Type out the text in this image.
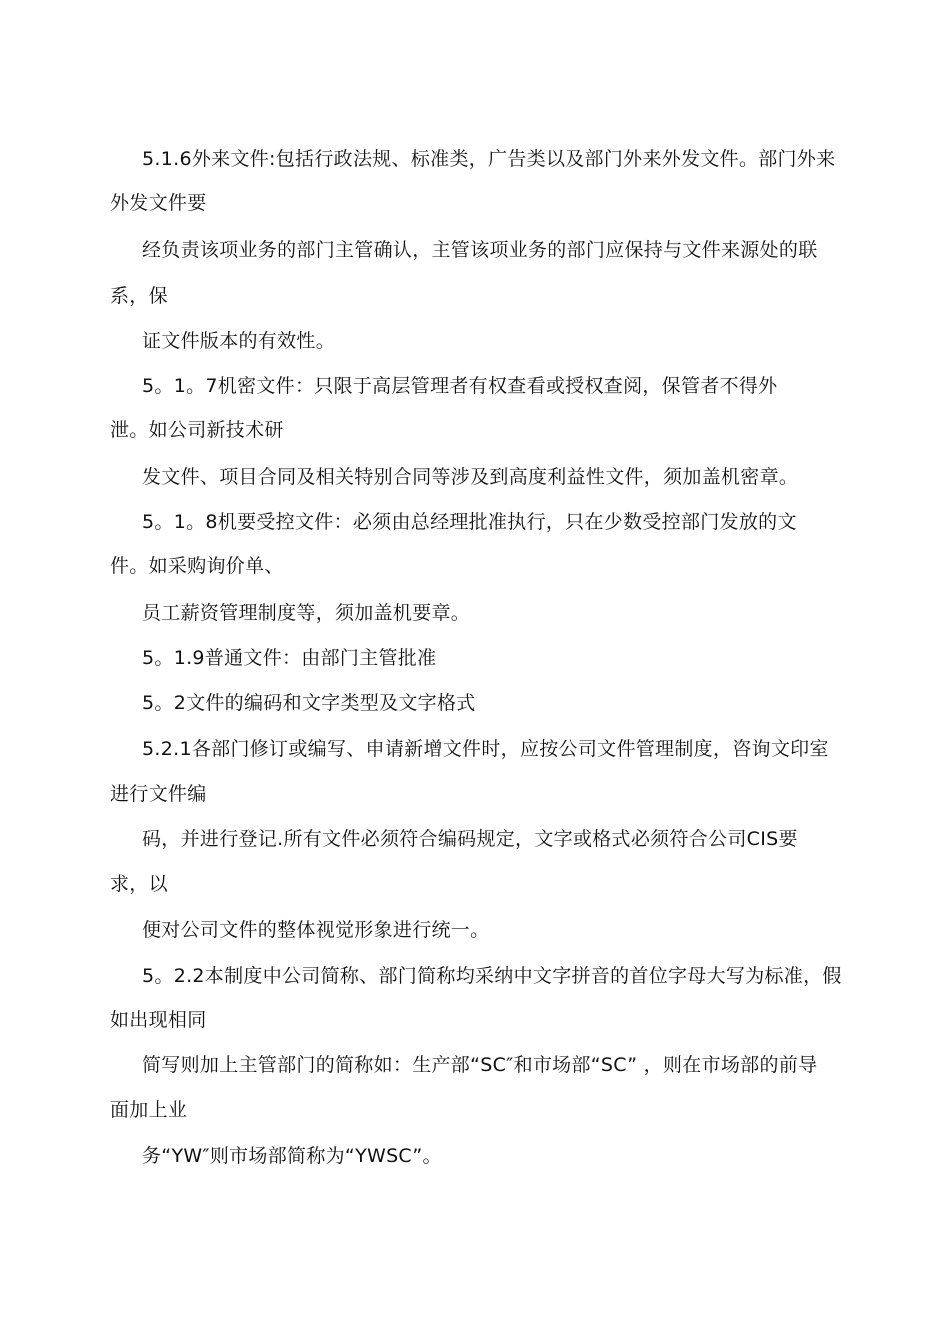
5.1.6外来文件:包括行政法规、标准类，广告类以及部门外来外发文件。部门外来
外发文件要
经负责该项业务的部门主管确认，主管该项业务的部门应保持与文件来源处的联
系，保
证文件版本的有效性。
5。1。7机密文件：只限于高层管理者有权查看或授权查阅，保管者不得外
泄。如公司新技术研
发文件、项目合同及相关特别合同等涉及到高度利益性文件，须加盖机密章。
5。1。8机要受控文件：必须由总经理批准执行，只在少数受控部门发放的文
件。如采购询价单、
员工薪资管理制度等，须加盖机要章。
5。1.9普通文件：由部门主管批准
5。2文件的编码和文字类型及文字格式
5.2.1各部门修订或编写、申请新增文件时，应按公司文件管理制度，咨询文印室
进行文件编
码，并进行登记.所有文件必须符合编码规定，文字或格式必须符合公司CIS要
求，以
便对公司文件的整体视觉形象进行统一。
5。2.2本制度中公司简称、部门简称均采纳中文字拼音的首位字母大写为标准，假
如出现相同
简写则加上主管部门的简称如：生产部“SC″和市场部“SC” ，则在市场部的前导
面加上业
务“YW″则市场部简称为“YWSC”。
